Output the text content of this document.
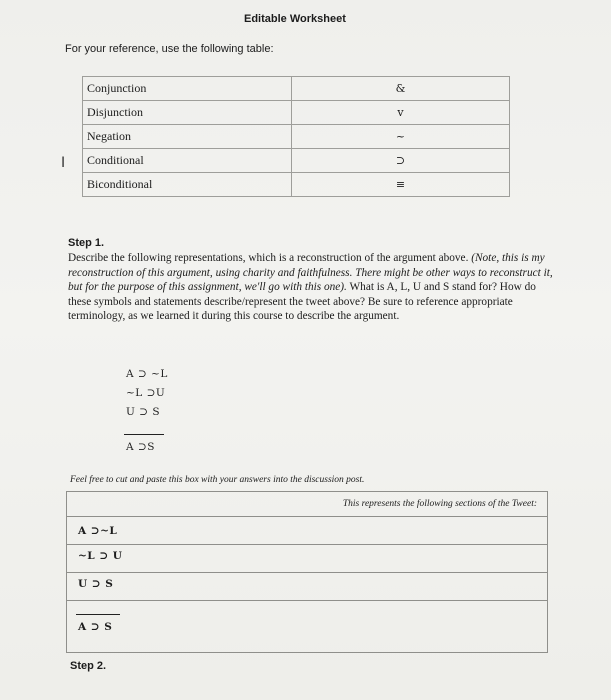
Editable Worksheet
For your reference, use the following table:
Conjunction	&
Disjunction	v
Negation	~
Conditional	⊃
Biconditional	≡
I
Step 1.
Describe the following representations, which is a reconstruction of the argument above. (Note, this is my reconstruction of this argument, using charity and faithfulness. There might be other ways to reconstruct it, but for the purpose of this assignment, we'll go with this one). What is A, L, U and S stand for? How do these symbols and statements describe/represent the tweet above? Be sure to reference appropriate terminology, as we learned it during this course to describe the argument.
A ⊃ ~L
~L ⊃U
U ⊃ S
A ⊃S
Feel free to cut and paste this box with your answers into the discussion post.
This represents the following sections of the Tweet:
A ⊃~L
~L ⊃ U
U ⊃ S
A ⊃ S
Step 2.
